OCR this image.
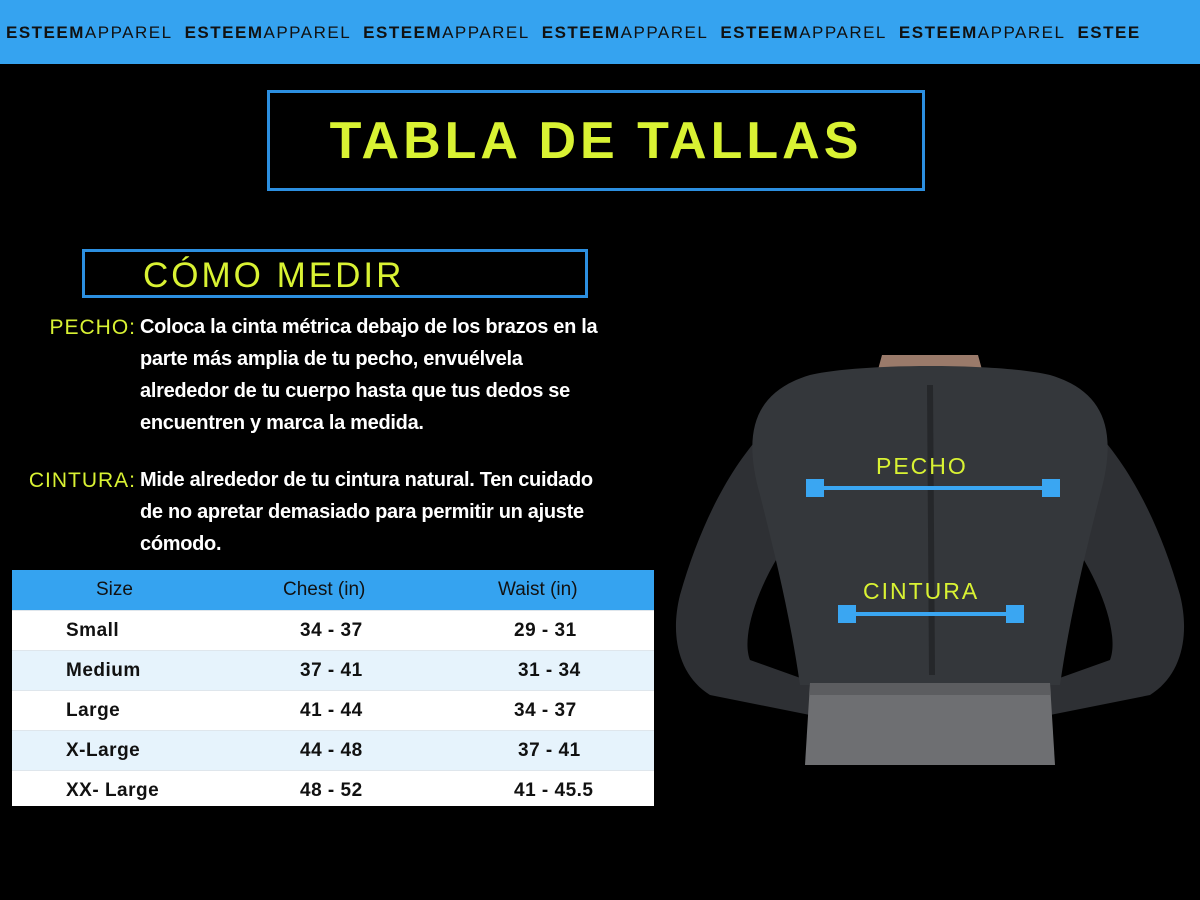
ESTEEMAPPAREL ESTEEMAPPAREL ESTEEMAPPAREL ESTEEMAPPAREL ESTEEMAPPAREL ESTEEMAPPAREL ESTEE
TABLA DE TALLAS
CÓMO MEDIR
PECHO: Coloca la cinta métrica debajo de los brazos en la
parte más amplia de tu pecho, envuélvela
alrededor de tu cuerpo hasta que tus dedos se
encuentren y marca la medida.
CINTURA: Mide alrededor de tu cintura natural. Ten cuidado
de no apretar demasiado para permitir un ajuste
cómodo.
Size	Chest (in)	Waist (in)
Small	34 - 37	29 - 31
Medium	37 - 41	31 - 34
Large	41 - 44	34 - 37
X-Large	44 - 48	37 - 41
XX- Large	48 - 52	41 - 45.5
PECHO
CINTURA
